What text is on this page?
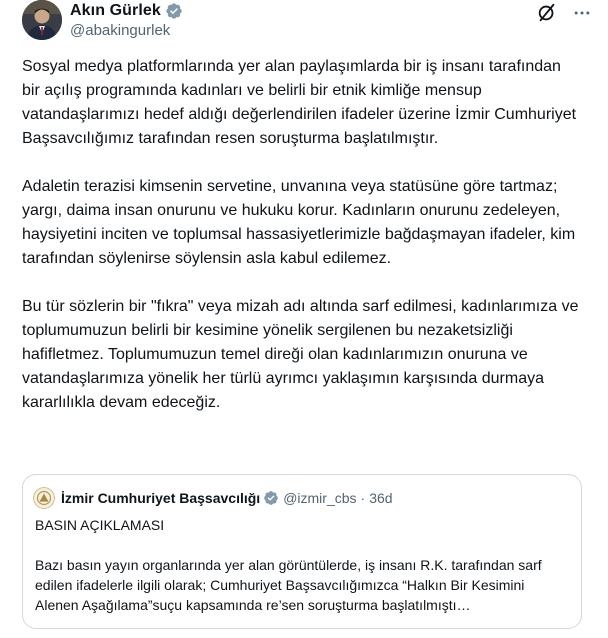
Akın Gürlek
@abakingurlek

Sosyal medya platformlarında yer alan paylaşımlarda bir iş insanı tarafından bir açılış programında kadınları ve belirli bir etnik kimliğe mensup vatandaşlarımızı hedef aldığı değerlendirilen ifadeler üzerine İzmir Cumhuriyet Başsavcılığımız tarafından resen soruşturma başlatılmıştır.

Adaletin terazisi kimsenin servetine, unvanına veya statüsüne göre tartmaz; yargı, daima insan onurunu ve hukuku korur. Kadınların onurunu zedeleyen, haysiyetini inciten ve toplumsal hassasiyetlerimizle bağdaşmayan ifadeler, kim tarafından söylenirse söylensin asla kabul edilemez.

Bu tür sözlerin bir "fıkra" veya mizah adı altında sarf edilmesi, kadınlarımıza ve toplumumuzun belirli bir kesimine yönelik sergilenen bu nezaketsizliği hafifletmez. Toplumumuzun temel direği olan kadınlarımızın onuruna ve vatandaşlarımıza yönelik her türlü ayrımcı yaklaşımın karşısında durmaya kararlılıkla devam edeceğiz.

İzmir Cumhuriyet Başsavcılığı @izmir_cbs · 36d
BASIN AÇIKLAMASI
Bazı basın yayın organlarında yer alan görüntülerde, iş insanı R.K. tarafından sarf edilen ifadelerle ilgili olarak; Cumhuriyet Başsavcılığımızca “Halkın Bir Kesimini Alenen Aşağılama”suçu kapsamında re’sen soruşturma başlatılmıştı…
